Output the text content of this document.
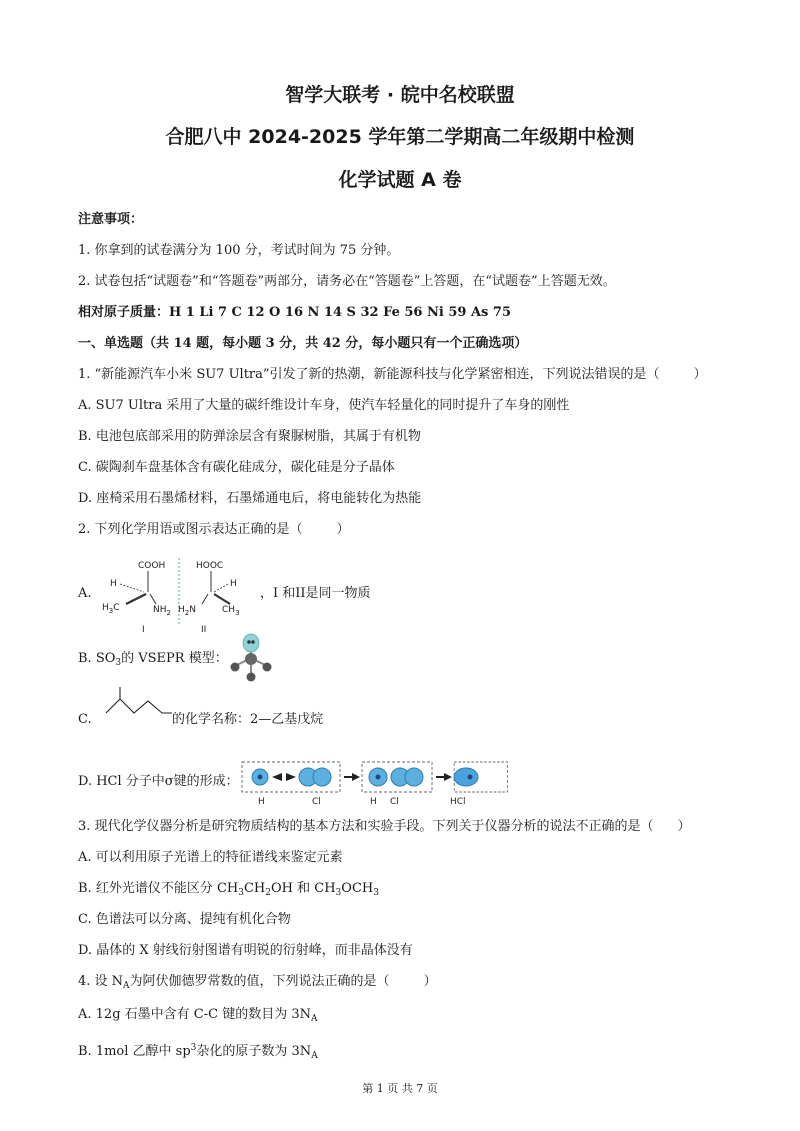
智学大联考 · 皖中名校联盟
合肥八中 2024-2025 学年第二学期高二年级期中检测
化学试题 A 卷
注意事项：
1. 你拿到的试卷满分为 100 分，考试时间为 75 分钟。
2. 试卷包括“试题卷”和“答题卷”两部分，请务必在“答题卷”上答题，在“试题卷”上答题无效。
相对原子质量：H 1 Li 7 C 12 O 16 N 14 S 32 Fe 56 Ni 59 As 75
一、单选题（共 14 题，每小题 3 分，共 42 分，每小题只有一个正确选项）
1. “新能源汽车小米 SU7 Ultra”引发了新的热潮，新能源科技与化学紧密相连，下列说法错误的是（	）
A. SU7 Ultra 采用了大量的碳纤维设计车身，使汽车轻量化的同时提升了车身的刚性
B. 电池包底部采用的防弹涂层含有聚脲树脂，其属于有机物
C. 碳陶刹车盘基体含有碳化硅成分，碳化硅是分子晶体
D. 座椅采用石墨烯材料，石墨烯通电后，将电能转化为热能
2. 下列化学用语或图示表达正确的是（	）
A.
COOH
H
$H_3C$	$NH_2$
I
HOOC
H
$H_2N$	$CH_3$
II
，I 和II是同一物质
B. $SO_3$的 VSEPR 模型：
C.	的化学名称：2—乙基戊烷
D. HCl 分子中σ键的形成：
H	Cl	H Cl	HCl
3. 现代化学仪器分析是研究物质结构的基本方法和实验手段。下列关于仪器分析的说法不正确的是（ ）
A. 可以利用原子光谱上的特征谱线来鉴定元素
B. 红外光谱仪不能区分 $CH_3CH_2OH$ 和 $CH_3OCH_3$
C. 色谱法可以分离、提纯有机化合物
D. 晶体的 X 射线衍射图谱有明锐的衍射峰，而非晶体没有
4. 设 $N_A$为阿伏伽德罗常数的值，下列说法正确的是（	）
A. 12g 石墨中含有 C-C 键的数目为 $3N_A$
B. 1mol 乙醇中 $sp^3$杂化的原子数为 $3N_A$
第 1 页 共 7 页
